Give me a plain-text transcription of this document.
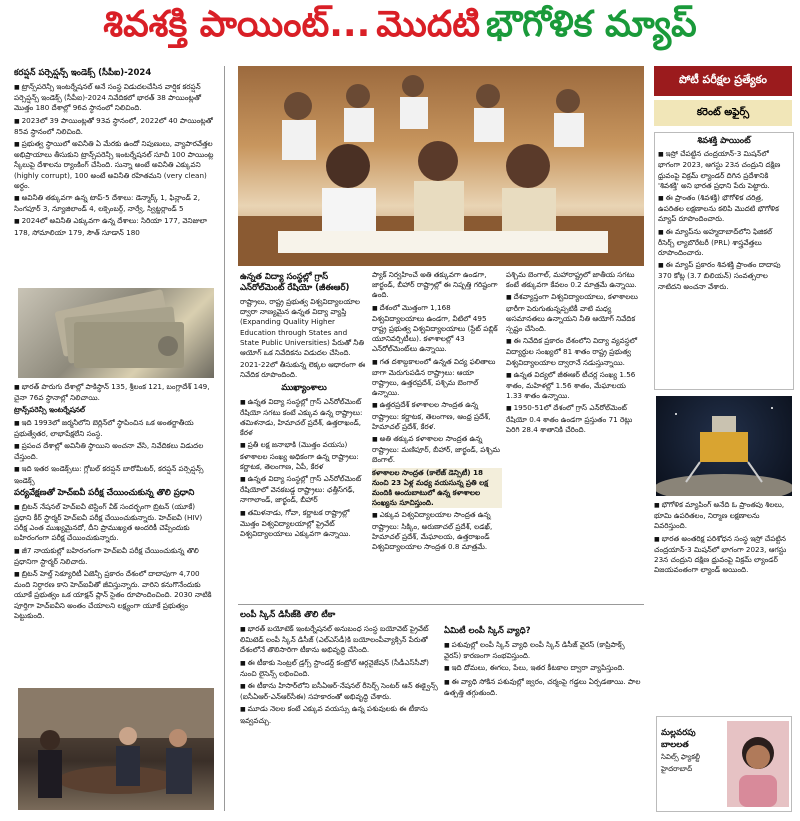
శివశక్తి పాయింట్... మొదటి భౌగోళిక మ్యాప్
కరప్షన్ పర్సెప్షన్స్ ఇండెక్స్ (సీపీఐ)-2024

■ ట్రాన్స్‌పరెన్సీ ఇంటర్నేషనల్ అనే సంస్థ విడుదలచేసిన వార్షిక కరప్షన్ పర్సెప్షన్స్ ఇండెక్స్ (సీపీఐ)-2024 నివేదికలో భారత్‌ 38 పాయింట్లతో మొత్తం 180 దేశాల్లో 96వ స్థానంలో నిలిచింది.

■ 2023లో 39 పాయింట్లతో 93వ స్థానంలో, 2022లో 40 పాయింట్లతో 85వ స్థానంలో నిలిచింది.

■ ప్రభుత్వ స్థాయిలో అవినీతి ఏ మేరకు ఉందో నిపుణులు, వ్యాపారవేత్తల అభిప్రాయాలు తీసుకుని ట్రాన్స్‌పరెన్సీ ఇంటర్నేషనల్ సూచీ 100 పాయింట్ల స్కేలుపై దేశాలను ర్యాంకింగ్ చేసింది. సున్నా అంటే అవినీతి ఎక్కువని (highly corrupt), 100 అంటే అవినీతి రహితమని (very clean) అర్థం.

■ అవినీతి తక్కువగా ఉన్న టాప్‌-5 దేశాలు: డెన్మార్క్ 1, ఫిన్లాండ్ 2, సింగపూర్ 3, న్యూజిలాండ్ 4, లక్సెంబర్గ్, నార్వే, స్విట్జర్లాండ్ 5

■ 2024లో అవినీతి ఎక్కువగా ఉన్న దేశాలు: సిరియా 177, వెనిజులా 178, సోమాలియా 179, సౌత్ సూడాన్ 180

■ భారత్ పొరుగు దేశాల్లో పాకిస్థాన్ 135, శ్రీలంక 121, బంగ్లాదేశ్ 149, చైనా 76వ స్థానాల్లో నిలిచాయి.

ట్రాన్స్‌పరెన్సీ ఇంటర్నేషనల్

■ ఇది 1993లో జర్మనీలోని బెర్లిన్‌లో స్థాపించిన ఒక అంతర్జాతీయ ప్రభుత్వేతర, లాభాపేక్షలేని సంస్థ.

■ ప్రపంచ దేశాల్లో అవినీతి స్థాయిని అంచనా వేసి, నివేదికలు విడుదల చేస్తుంది.

■ ఇది ఇతర ఇండెక్స్‌లు: గ్లోబల్ కరప్షన్ బారోమీటర్, కరప్షన్ పర్సెప్షన్స్ ఇండెక్స్

పర్యవేక్షణతో హెచ్ఐవీ పరీక్ష చేయించుకున్న తొలి ప్రధాని

■ బ్రిటన్ నేషనల్ హెచ్ఐవీ టెస్టింగ్ వీక్ సందర్భంగా బ్రిటన్ (యూకే) ప్రధాని కీర్ స్టార్మర్ హెచ్ఐవీ పరీక్ష చేయించుకున్నారు. హెచ్ఐవీ (HIV) పరీక్ష ఎంత ముఖ్యమైనదో, దీని ప్రాముఖ్యత అందరికీ చెప్పేందుకు బహిరంగంగా పరీక్ష చేయించుకున్నారు.

■ జీ7 నాయకుల్లో బహిరంగంగా హెచ్ఐవీ పరీక్ష చేయించుకున్న తొలి ప్రధానిగా స్టార్మర్ నిలిచారు.

■ బ్రిటన్ హెల్త్ సెక్యూరిటీ ఏజెన్సీ ప్రకారం దేశంలో దాదాపుగా 4,700 మంది నిర్ధారణ కాని హెచ్ఐవీతో జీవిస్తున్నారు. వారిని కనుగొనేందుకు యూకే ప్రభుత్వం ఒక యాక్షన్ ప్లాన్ సైతం రూపొందించింది. 2030 నాటికి పూర్తిగా హెచ్ఐవీని అంతం చేయాలని లక్ష్యంగా యూకే ప్రభుత్వం పెట్టుకుంది.

ఉన్నత విద్యా సంస్థల్లో గ్రాస్ ఎన్‌రోల్‌మెంట్ రేషియో (జీఈఆర్)

రాష్ట్రాలు, రాష్ట్ర ప్రభుత్వ విశ్వవిద్యాలయాల ద్వారా నాణ్యమైన ఉన్నత విద్యా వ్యాప్తి (Expanding Quality Higher Education through States and State Public Universities) పేరుతో నీతి ఆయోగ్ ఒక నివేదికను విడుదల చేసింది.

2021-22లో తీసుకున్న లెక్కల ఆధారంగా ఈ నివేదిక రూపొందింది.

ముఖ్యాంశాలు

■ ఉన్నత విద్యా సంస్థల్లో గ్రాస్ ఎన్‌రోల్‌మెంట్ రేషియో సగటు కంటే ఎక్కువ ఉన్న రాష్ట్రాలు: తమిళనాడు, హిమాచల్ ప్రదేశ్, ఉత్తరాఖండ్, కేరళ

■ ప్రతీ లక్ష జనాభాకి (మొత్తం వయసు) కళాశాలల సంఖ్య అధికంగా ఉన్న రాష్ట్రాలు: కర్ణాటక, తెలంగాణ, ఏపీ, కేరళ

■ ఉన్నత విద్యా సంస్థల్లో గ్రాస్ ఎన్‌రోల్‌మెంట్ రేషియోలో వెనకబడ్డ రాష్ట్రాలు: ఛత్తీస్‌గఢ్, నాగాలాండ్, జార్ఖండ్, బీహార్

■ తమిళనాడు, గోవా, కర్ణాటక రాష్ట్రాల్లో మొత్తం విశ్వవిద్యాలయాల్లో ప్రైవేట్ విశ్వవిద్యాలయాలు ఎక్కువగా ఉన్నాయి.

ప్యాక్ నిర్వహించే అతి తక్కువగా ఉండగా, జార్ఖండ్, బీహార్ రాష్ట్రాల్లో ఈ నిష్పత్తి గరిష్టంగా ఉంది.

■ దేశంలో మొత్తంగా 1,168 విశ్వవిద్యాలయాలు ఉండగా, వీటిలో 495 రాష్ట్ర ప్రభుత్వ విశ్వవిద్యాలయాలు (స్టేట్ పబ్లిక్ యూనివర్సిటీలు). కళాశాలల్లో 43 ఎన్‌రోల్‌మెంట్‌లు ఉన్నాయి.

■ గత దశాబ్దకాలంలో ఉన్నత విద్య ఫలితాలు బాగా మెరుగుపడిన రాష్ట్రాలు: ఆయా రాష్ట్రాలు, ఉత్తరప్రదేశ్, పశ్చిమ బెంగాల్ ఉన్నాయి.

■ ఉత్తరప్రదేశ్ కళాశాలల సాంద్రత ఉన్న రాష్ట్రాలు: కర్ణాటక, తెలంగాణ, ఆంధ్ర ప్రదేశ్, హిమాచల్ ప్రదేశ్, కేరళ.

■ అతి తక్కువ కళాశాలల సాంద్రత ఉన్న రాష్ట్రాలు: మణిపూర్, బీహార్, జార్ఖండ్, పశ్చిమ బెంగాల్.

కళాశాలల సాంద్రత (కాలేజ్ డెన్సిటీ) 18 నుంచి 23 ఏళ్ల మధ్య వయసున్న ప్రతి లక్ష మందికి అందుబాటులో ఉన్న కళాశాలల సంఖ్యను సూచిస్తుంది.

■ ఎక్కువ విశ్వవిద్యాలయాల సాంద్రత ఉన్న రాష్ట్రాలు: సిక్కిం, అరుణాచల్ ప్రదేశ్, లడఖ్, హిమాచల్ ప్రదేశ్, మేఘాలయ, ఉత్తరాఖండ్ విశ్వవిద్యాలయాల సాంద్రత 0.8 మాత్రమే.

పశ్చిమ బెంగాల్, మహారాష్ట్రలో జాతీయ సగటు కంటే తక్కువగా కేవలం 0.2 మాత్రమే ఉన్నాయి.

■ దేశవ్యాప్తంగా విశ్వవిద్యాలయాలు, కళాశాలలు భారీగా పెరుగుతున్నప్పటికీ వాటి మధ్య అసమానతలు ఉన్నాయని నీతి ఆయోగ్ నివేదిక స్పష్టం చేసింది.

■ ఈ నివేదిక ప్రకారం దేశంలోని విద్యా వ్యవస్థలో విద్యార్థుల సంఖ్యలో 81 శాతం రాష్ట్ర ప్రభుత్వ విశ్వవిద్యాలయాల ద్వారానే నడుస్తున్నాయి.

■ ఉన్నత విద్యలో జీఈఆర్ టీచర్ల సంఖ్య 1.56 శాతం, మహిళల్లో 1.56 శాతం, మేఘాలయ 1.33 శాతం ఉన్నాయి.

■ 1950-51లో దేశంలో గ్రాస్ ఎన్‌రోల్‌మెంట్ రేషియో 0.4 శాతం ఉండగా ప్రస్తుతం 71 రెట్లు పెరిగి 28.4 శాతానికి చేరింది.

లంపీ స్కిన్ డిసీజ్‌కి తొలి టీకా

■ భారత్ బయోటెక్ ఇంటర్నేషనల్ అనుబంధ సంస్థ బయోవెట్ ప్రైవేట్ లిమిటెడ్ లంపీ స్కిన్ డిసీజ్ (ఎల్ఎస్‌డీ)కి బయోలంపీవ్యాక్సిన్ పేరుతో దేశంలోనే తొలిసారిగా టీకాను అభివృద్ధి చేసింది.

■ ఈ టీకాకు సెంట్రల్ డ్రగ్స్ స్టాండర్డ్ కంట్రోల్ ఆర్గనైజేషన్ (సీడీఎస్‌సీవో) నుంచి లైసెన్స్ లభించింది.

■ ఈ టీకాను హిసార్‌లోని ఐసీఏఆర్-నేషనల్ రీసెర్చ్ సెంటర్ ఆన్ ఈక్వైన్స్ (ఐసీఏఆర్-ఎన్ఆర్‌సీఈ) సహకారంతో అభివృద్ధి చేశారు.

■ మూడు నెలల కంటే ఎక్కువ వయస్సు ఉన్న పశువులకు ఈ టీకాను ఇవ్వవచ్చు.

ఏమిటీ లంపీ స్కిన్ వ్యాధి?

■ పశువుల్లో లంపీ స్కిన్ వ్యాధి లంపీ స్కిన్ డిసీజ్ వైరస్ (కాప్రిపాక్స్ వైరస్) కారణంగా సంభవిస్తుంది.

■ ఇది దోమలు, ఈగలు, పేలు, ఇతర కీటకాల ద్వారా వ్యాపిస్తుంది.

■ ఈ వ్యాధి సోకిన పశువుల్లో జ్వరం, చర్మంపై గడ్డలు ఏర్పడతాయి. పాల ఉత్పత్తి తగ్గుతుంది.

పోటీ పరీక్షల ప్రత్యేకం
కరెంట్ అఫైర్స్
శివశక్తి పాయింట్

■ ఇస్రో చేపట్టిన చంద్రయాన్-3 మిషన్‌లో భాగంగా 2023, ఆగస్టు 23న చంద్రుని దక్షిణ ధ్రువంపై విక్రమ్ ల్యాండర్ దిగిన ప్రదేశానికి 'శివశక్తి' అని భారత ప్రధాని పేరు పెట్టారు.

■ ఈ ప్రాంతం (శివశక్తి) భౌగోళిక చరిత్ర, ఉపరితల లక్షణాలను కలిపి మొదటి భౌగోళిక మ్యాప్ రూపొందించారు.

■ ఈ మ్యాప్‌ను అహ్మదాబాద్‌లోని ఫిజికల్ రీసెర్చ్ ల్యాబొరేటరీ (PRL) శాస్త్రవేత్తలు రూపొందించారు.

■ ఈ మ్యాప్ ప్రకారం శివశక్తి ప్రాంతం దాదాపు 370 కోట్ల (3.7 బిలియన్) సంవత్సరాల నాటిదని అంచనా వేశారు.

■ భౌగోళిక మ్యాపింగ్ అనేది ఓ ప్రాంతపు శిలలు, భూమి ఉపరితలం, నిర్మాణ లక్షణాలను వివరిస్తుంది.

■ భారత అంతరిక్ష పరిశోధన సంస్థ ఇస్రో చేపట్టిన చంద్రయాన్-3 మిషన్‌లో భాగంగా 2023, ఆగస్టు 23న చంద్రుని దక్షిణ ధ్రువంపై విక్రమ్ ల్యాండర్ విజయవంతంగా ల్యాండ్ అయింది.

మల్లవరపు
బాలలత
సివిల్స్ ఫ్యాకల్టీ
హైదరాబాద్
